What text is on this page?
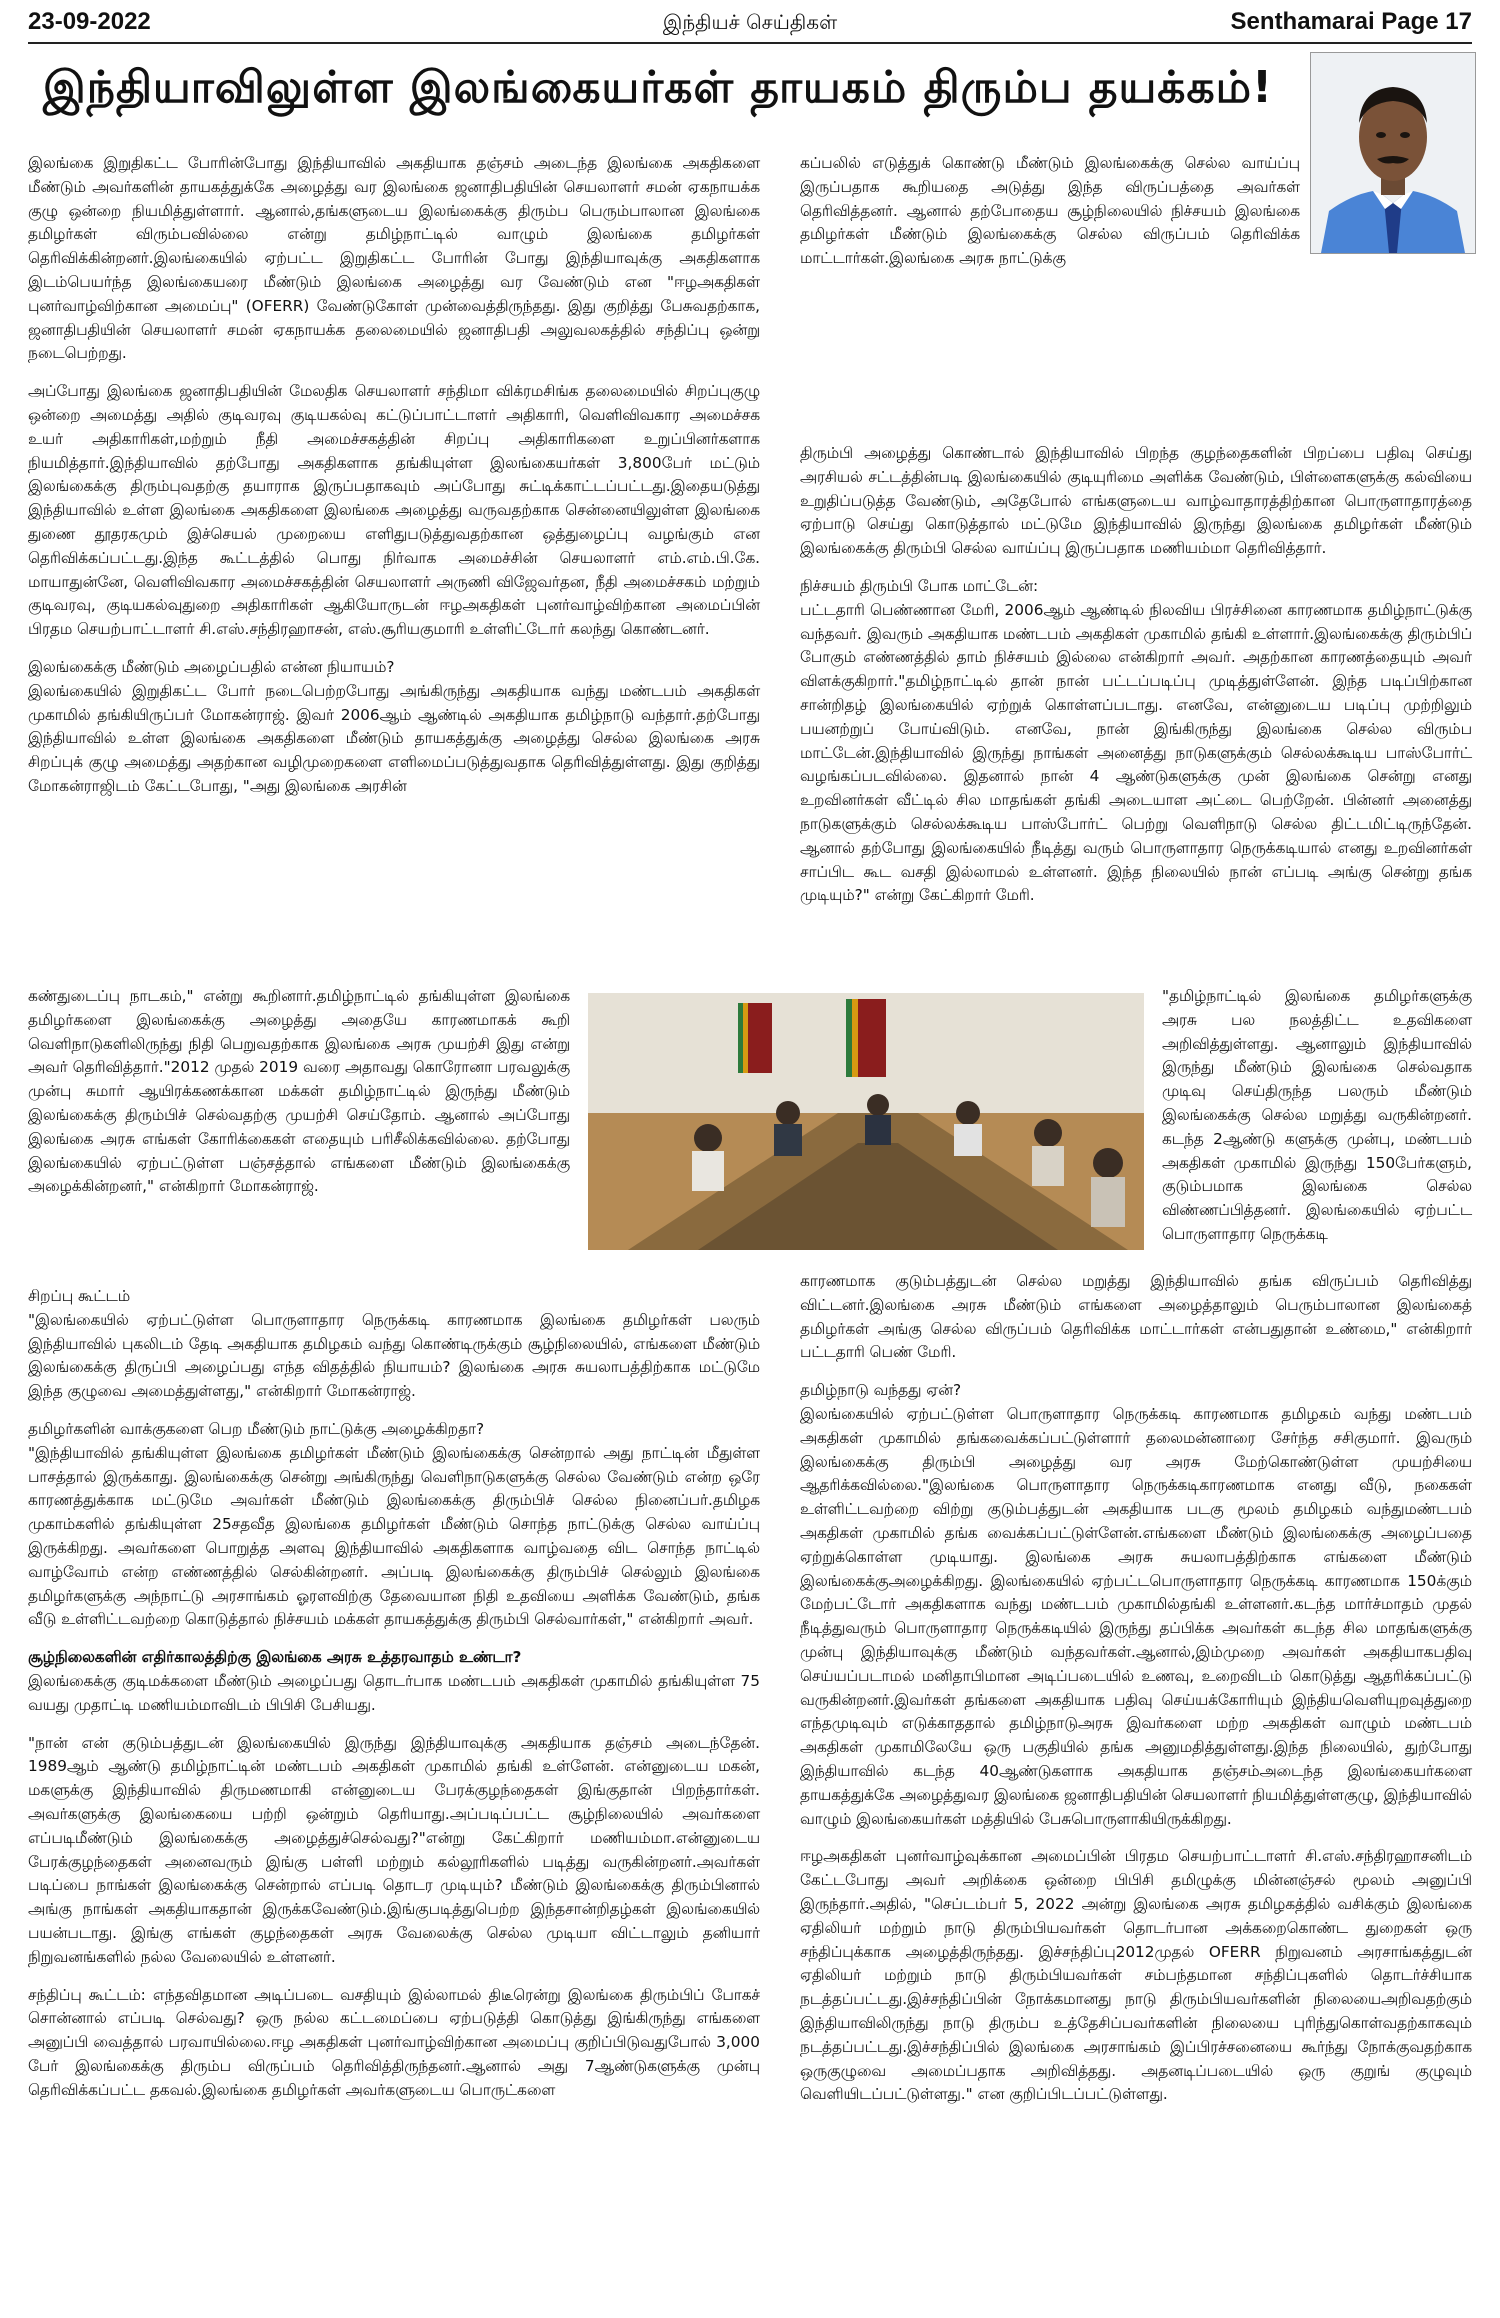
23-09-2022	இந்தியச் செய்திகள்	Senthamarai Page 17
இந்தியாவிலுள்ள இலங்கையர்கள் தாயகம் திரும்ப தயக்கம்!

இலங்கை இறுதிகட்ட போரின்போது இந்தியாவில் அகதியாக தஞ்சம் அடைந்த இலங்கை அகதிகளை மீண்டும் அவர்களின் தாயகத்துக்கே அழைத்து வர இலங்கை ஜனாதிபதியின் செயலாளர் சமன் ஏகநாயக்க குழு ஒன்றை நியமித்துள்ளார். ஆனால்,தங்களுடைய இலங்கைக்கு திரும்ப பெரும்பாலான இலங்கை தமிழர்கள் விரும்பவில்லை என்று தமிழ்நாட்டில் வாழும் இலங்கை தமிழர்கள் தெரிவிக்கின்றனர்.இலங்கையில் ஏற்பட்ட இறுதிகட்ட போரின் போது இந்தியாவுக்கு அகதிகளாக இடம்பெயர்ந்த இலங்கையரை மீண்டும் இலங்கை அழைத்து வர வேண்டும் என "ஈழஅகதிகள் புனர்வாழ்விற்கான அமைப்பு" (OFERR) வேண்டுகோள் முன்வைத்திருந்தது. இது குறித்து பேசுவதற்காக, ஜனாதிபதியின் செயலாளர் சமன் ஏகநாயக்க தலைமையில் ஜனாதிபதி அலுவலகத்தில் சந்திப்பு ஒன்று நடைபெற்றது.

அப்போது இலங்கை ஜனாதிபதியின் மேலதிக செயலாளர் சந்திமா விக்ரமசிங்க தலைமையில் சிறப்புகுழு ஒன்றை அமைத்து அதில் குடிவரவு குடியகல்வு கட்டுப்பாட்டாளர் அதிகாரி, வெளிவிவகார அமைச்சக உயர் அதிகாரிகள்,மற்றும் நீதி அமைச்சகத்தின் சிறப்பு அதிகாரிகளை உறுப்பினர்களாக நியமித்தார்.இந்தியாவில் தற்போது அகதிகளாக தங்கியுள்ள இலங்கையர்கள் 3,800பேர் மட்டும் இலங்கைக்கு திரும்புவதற்கு தயாராக இருப்பதாகவும் அப்போது சுட்டிக்காட்டப்பட்டது.இதையடுத்து இந்தியாவில் உள்ள இலங்கை அகதிகளை இலங்கை அழைத்து வருவதற்காக சென்னையிலுள்ள இலங்கை துணை தூதரகமும் இச்செயல் முறையை எளிதுபடுத்துவதற்கான ஒத்துழைப்பு வழங்கும் என தெரிவிக்கப்பட்டது.இந்த கூட்டத்தில் பொது நிர்வாக அமைச்சின் செயலாளர் எம்.எம்.பி.கே. மாயாதுன்னே, வெளிவிவகார அமைச்சகத்தின் செயலாளர் அருணி விஜேவர்தன, நீதி அமைச்சகம் மற்றும் குடிவரவு, குடியகல்வுதுறை அதிகாரிகள் ஆகியோருடன் ஈழஅகதிகள் புனர்வாழ்விற்கான அமைப்பின் பிரதம செயற்பாட்டாளர் சி.எஸ்.சந்திரஹாசன், எஸ்.சூரியகுமாரி உள்ளிட்டோர் கலந்து கொண்டனர்.

இலங்கைக்கு மீண்டும் அழைப்பதில் என்ன நியாயம்?

இலங்கையில் இறுதிகட்ட போர் நடைபெற்றபோது அங்கிருந்து அகதியாக வந்து மண்டபம் அகதிகள் முகாமில் தங்கியிருப்பர் மோகன்ராஜ். இவர் 2006ஆம் ஆண்டில் அகதியாக தமிழ்நாடு வந்தார்.தற்போது இந்தியாவில் உள்ள இலங்கை அகதிகளை மீண்டும் தாயகத்துக்கு அழைத்து செல்ல இலங்கை அரசு சிறப்புக் குழு அமைத்து அதற்கான வழிமுறைகளை எளிமைப்படுத்துவதாக தெரிவித்துள்ளது. இது குறித்து மோகன்ராஜிடம் கேட்டபோது, "அது இலங்கை அரசின்

கப்பலில் எடுத்துக் கொண்டு மீண்டும் இலங்கைக்கு செல்ல வாய்ப்பு இருப்பதாக கூறியதை அடுத்து இந்த விருப்பத்தை அவர்கள் தெரிவித்தனர். ஆனால் தற்போதைய சூழ்நிலையில் நிச்சயம் இலங்கை தமிழர்கள் மீண்டும் இலங்கைக்கு செல்ல விருப்பம் தெரிவிக்க மாட்டார்கள்.இலங்கை அரசு நாட்டுக்கு

திரும்பி அழைத்து கொண்டால் இந்தியாவில் பிறந்த குழந்தைகளின் பிறப்பை பதிவு செய்து அரசியல் சட்டத்தின்படி இலங்கையில் குடியுரிமை அளிக்க வேண்டும், பிள்ளைகளுக்கு கல்வியை உறுதிப்படுத்த வேண்டும், அதேபோல் எங்களுடைய வாழ்வாதாரத்திற்கான பொருளாதாரத்தை ஏற்பாடு செய்து கொடுத்தால் மட்டுமே இந்தியாவில் இருந்து இலங்கை தமிழர்கள் மீண்டும் இலங்கைக்கு திரும்பி செல்ல வாய்ப்பு இருப்பதாக மணியம்மா தெரிவித்தார்.

நிச்சயம் திரும்பி போக மாட்டேன்:

பட்டதாரி பெண்ணான மேரி, 2006ஆம் ஆண்டில் நிலவிய பிரச்சினை காரணமாக தமிழ்நாட்டுக்கு வந்தவர். இவரும் அகதியாக மண்டபம் அகதிகள் முகாமில் தங்கி உள்ளார்.இலங்கைக்கு திரும்பிப் போகும் எண்ணத்தில் தாம் நிச்சயம் இல்லை என்கிறார் அவர். அதற்கான காரணத்தையும் அவர் விளக்குகிறார்."தமிழ்நாட்டில் தான் நான் பட்டப்படிப்பு முடித்துள்ளேன். இந்த படிப்பிற்கான சான்றிதழ் இலங்கையில் ஏற்றுக் கொள்ளப்படாது. எனவே, என்னுடைய படிப்பு முற்றிலும் பயனற்றுப் போய்விடும். எனவே, நான் இங்கிருந்து இலங்கை செல்ல விரும்ப மாட்டேன்.இந்தியாவில் இருந்து நாங்கள் அனைத்து நாடுகளுக்கும் செல்லக்கூடிய பாஸ்போர்ட் வழங்கப்படவில்லை. இதனால் நான் 4 ஆண்டுகளுக்கு முன் இலங்கை சென்று எனது உறவினர்கள் வீட்டில் சில மாதங்கள் தங்கி அடையாள அட்டை பெற்றேன். பின்னர் அனைத்து நாடுகளுக்கும் செல்லக்கூடிய பாஸ்போர்ட் பெற்று வெளிநாடு செல்ல திட்டமிட்டிருந்தேன். ஆனால் தற்போது இலங்கையில் நீடித்து வரும் பொருளாதார நெருக்கடியால் எனது உறவினர்கள் சாப்பிட கூட வசதி இல்லாமல் உள்ளனர். இந்த நிலையில் நான் எப்படி அங்கு சென்று தங்க முடியும்?" என்று கேட்கிறார் மேரி.

கண்துடைப்பு நாடகம்," என்று கூறினார்.தமிழ்நாட்டில் தங்கியுள்ள இலங்கை தமிழர்களை இலங்கைக்கு அழைத்து அதையே காரணமாகக் கூறி வெளிநாடுகளிலிருந்து நிதி பெறுவதற்காக இலங்கை அரசு முயற்சி இது என்று அவர் தெரிவித்தார்."2012 முதல் 2019 வரை அதாவது கொரோனா பரவலுக்கு முன்பு சுமார் ஆயிரக்கணக்கான மக்கள் தமிழ்நாட்டில் இருந்து மீண்டும் இலங்கைக்கு திரும்பிச் செல்வதற்கு முயற்சி செய்தோம். ஆனால் அப்போது இலங்கை அரசு எங்கள் கோரிக்கைகள் எதையும் பரிசீலிக்கவில்லை. தற்போது இலங்கையில் ஏற்பட்டுள்ள பஞ்சத்தால் எங்களை மீண்டும் இலங்கைக்கு அழைக்கின்றனர்," என்கிறார் மோகன்ராஜ்.
"தமிழ்நாட்டில் இலங்கை தமிழர்களுக்கு அரசு பல நலத்திட்ட உதவிகளை அறிவித்துள்ளது. ஆனாலும் இந்தியாவில் இருந்து மீண்டும் இலங்கை செல்வதாக முடிவு செய்திருந்த பலரும் மீண்டும் இலங்கைக்கு செல்ல மறுத்து வருகின்றனர். கடந்த 2ஆண்டு களுக்கு முன்பு, மண்டபம் அகதிகள் முகாமில் இருந்து 150பேர்களும், குடும்பமாக இலங்கை செல்ல விண்ணப்பித்தனர். இலங்கையில் ஏற்பட்ட பொருளாதார நெருக்கடி

சிறப்பு கூட்டம்

"இலங்கையில் ஏற்பட்டுள்ள பொருளாதார நெருக்கடி காரணமாக இலங்கை தமிழர்கள் பலரும் இந்தியாவில் புகலிடம் தேடி அகதியாக தமிழகம் வந்து கொண்டிருக்கும் சூழ்நிலையில், எங்களை மீண்டும் இலங்கைக்கு திருப்பி அழைப்பது எந்த விதத்தில் நியாயம்? இலங்கை அரசு சுயலாபத்திற்காக மட்டுமே இந்த குழுவை அமைத்துள்ளது," என்கிறார் மோகன்ராஜ்.

தமிழர்களின் வாக்குகளை பெற மீண்டும் நாட்டுக்கு அழைக்கிறதா?

"இந்தியாவில் தங்கியுள்ள இலங்கை தமிழர்கள் மீண்டும் இலங்கைக்கு சென்றால் அது நாட்டின் மீதுள்ள பாசத்தால் இருக்காது. இலங்கைக்கு சென்று அங்கிருந்து வெளிநாடுகளுக்கு செல்ல வேண்டும் என்ற ஒரே காரணத்துக்காக மட்டுமே அவர்கள் மீண்டும் இலங்கைக்கு திரும்பிச் செல்ல நினைப்பர்.தமிழக முகாம்களில் தங்கியுள்ள 25சதவீத இலங்கை தமிழர்கள் மீண்டும் சொந்த நாட்டுக்கு செல்ல வாய்ப்பு இருக்கிறது. அவர்களை பொறுத்த அளவு இந்தியாவில் அகதிகளாக வாழ்வதை விட சொந்த நாட்டில் வாழ்வோம் என்ற எண்ணத்தில் செல்கின்றனர். அப்படி இலங்கைக்கு திரும்பிச் செல்லும் இலங்கை தமிழர்களுக்கு அந்நாட்டு அரசாங்கம் ஓரளவிற்கு தேவையான நிதி உதவியை அளிக்க வேண்டும், தங்க வீடு உள்ளிட்டவற்றை கொடுத்தால் நிச்சயம் மக்கள் தாயகத்துக்கு திரும்பி செல்வார்கள்," என்கிறார் அவர்.

சூழ்நிலைகளின் எதிர்காலத்திற்கு இலங்கை அரசு உத்தரவாதம் உண்டா?

இலங்கைக்கு குடிமக்களை மீண்டும் அழைப்பது தொடர்பாக மண்டபம் அகதிகள் முகாமில் தங்கியுள்ள 75 வயது முதாட்டி மணியம்மாவிடம் பிபிசி பேசியது.

"நான் என் குடும்பத்துடன் இலங்கையில் இருந்து இந்தியாவுக்கு அகதியாக தஞ்சம் அடைந்தேன். 1989ஆம் ஆண்டு தமிழ்நாட்டின் மண்டபம் அகதிகள் முகாமில் தங்கி உள்ளேன். என்னுடைய மகன், மகளுக்கு இந்தியாவில் திருமணமாகி என்னுடைய பேரக்குழந்தைகள் இங்குதான் பிறந்தார்கள். அவர்களுக்கு இலங்கையை பற்றி ஒன்றும் தெரியாது.அப்படிப்பட்ட சூழ்நிலையில் அவர்களை எப்படிமீண்டும் இலங்கைக்கு அழைத்துச்செல்வது?"என்று கேட்கிறார் மணியம்மா.என்னுடைய பேரக்குழந்தைகள் அனைவரும் இங்கு பள்ளி மற்றும் கல்லூரிகளில் படித்து வருகின்றனர்.அவர்கள் படிப்பை நாங்கள் இலங்கைக்கு சென்றால் எப்படி தொடர முடியும்? மீண்டும் இலங்கைக்கு திரும்பினால் அங்கு நாங்கள் அகதியாகதான் இருக்கவேண்டும்.இங்குபடித்துபெற்ற இந்தசான்றிதழ்கள் இலங்கையில் பயன்படாது. இங்கு எங்கள் குழந்தைகள் அரசு வேலைக்கு செல்ல முடியா விட்டாலும் தனியார் நிறுவனங்களில் நல்ல வேலையில் உள்ளனர்.

சந்திப்பு கூட்டம்: எந்தவிதமான அடிப்படை வசதியும் இல்லாமல் திடீரென்று இலங்கை திரும்பிப் போகச் சொன்னால் எப்படி செல்வது? ஒரு நல்ல கட்டமைப்பை ஏற்படுத்தி கொடுத்து இங்கிருந்து எங்களை அனுப்பி வைத்தால் பரவாயில்லை.ஈழ அகதிகள் புனர்வாழ்விற்கான அமைப்பு குறிப்பிடுவதுபோல் 3,000 பேர் இலங்கைக்கு திரும்ப விருப்பம் தெரிவித்திருந்தனர்.ஆனால் அது 7ஆண்டுகளுக்கு முன்பு தெரிவிக்கப்பட்ட தகவல்.இலங்கை தமிழர்கள் அவர்களுடைய பொருட்களை

காரணமாக குடும்பத்துடன் செல்ல மறுத்து இந்தியாவில் தங்க விருப்பம் தெரிவித்து விட்டனர்.இலங்கை அரசு மீண்டும் எங்களை அழைத்தாலும் பெரும்பாலான இலங்கைத் தமிழர்கள் அங்கு செல்ல விருப்பம் தெரிவிக்க மாட்டார்கள் என்பதுதான் உண்மை," என்கிறார் பட்டதாரி பெண் மேரி.

தமிழ்நாடு வந்தது ஏன்?

இலங்கையில் ஏற்பட்டுள்ள பொருளாதார நெருக்கடி காரணமாக தமிழகம் வந்து மண்டபம் அகதிகள் முகாமில் தங்கவைக்கப்பட்டுள்ளார் தலைமன்னாரை சேர்ந்த சசிகுமார். இவரும் இலங்கைக்கு திரும்பி அழைத்து வர அரசு மேற்கொண்டுள்ள முயற்சியை ஆதரிக்கவில்லை."இலங்கை பொருளாதார நெருக்கடிகாரணமாக எனது வீடு, நகைகள் உள்ளிட்டவற்றை விற்று குடும்பத்துடன் அகதியாக படகு மூலம் தமிழகம் வந்துமண்டபம் அகதிகள் முகாமில் தங்க வைக்கப்பட்டுள்ளேன்.எங்களை மீண்டும் இலங்கைக்கு அழைப்பதை ஏற்றுக்கொள்ள முடியாது. இலங்கை அரசு சுயலாபத்திற்காக எங்களை மீண்டும் இலங்கைக்குஅழைக்கிறது. இலங்கையில் ஏற்பட்டபொருளாதார நெருக்கடி காரணமாக 150க்கும் மேற்பட்டோர் அகதிகளாக வந்து மண்டபம் முகாமில்தங்கி உள்ளனர்.கடந்த மார்ச்மாதம் முதல் நீடித்துவரும் பொருளாதார நெருக்கடியில் இருந்து தப்பிக்க அவர்கள் கடந்த சில மாதங்களுக்கு முன்பு இந்தியாவுக்கு மீண்டும் வந்தவர்கள்.ஆனால்,இம்முறை அவர்கள் அகதியாகபதிவு செய்யப்படாமல் மனிதாபிமான அடிப்படையில் உணவு, உறைவிடம் கொடுத்து ஆதரிக்கப்பட்டு வருகின்றனர்.இவர்கள் தங்களை அகதியாக பதிவு செய்யக்கோரியும் இந்தியவெளியுறவுத்துறை எந்தமுடிவும் எடுக்காததால் தமிழ்நாடுஅரசு இவர்களை மற்ற அகதிகள் வாழும் மண்டபம் அகதிகள் முகாமிலேயே ஒரு பகுதியில் தங்க அனுமதித்துள்ளது.இந்த நிலையில், துற்போது இந்தியாவில் கடந்த 40ஆண்டுகளாக அகதியாக தஞ்சம்அடைந்த இலங்கையர்களை தாயகத்துக்கே அழைத்துவர இலங்கை ஜனாதிபதியின் செயலாளர் நியமித்துள்ளகுழு, இந்தியாவில் வாழும் இலங்கையர்கள் மத்தியில் பேசுபொருளாகியிருக்கிறது.

ஈழஅகதிகள் புனர்வாழ்வுக்கான அமைப்பின் பிரதம செயற்பாட்டாளர் சி.எஸ்.சந்திரஹாசனிடம் கேட்டபோது அவர் அறிக்கை ஒன்றை பிபிசி தமிழுக்கு மின்னஞ்சல் மூலம் அனுப்பி இருந்தார்.அதில், "செப்டம்பர் 5, 2022 அன்று இலங்கை அரசு தமிழகத்தில் வசிக்கும் இலங்கை ஏதிலியர் மற்றும் நாடு திரும்பியவர்கள் தொடர்பான அக்கறைகொண்ட துறைகள் ஒரு சந்திப்புக்காக அழைத்திருந்தது. இச்சந்திப்பு2012முதல் OFERR நிறுவனம் அரசாங்கத்துடன் ஏதிலியர் மற்றும் நாடு திரும்பியவர்கள் சம்பந்தமான சந்திப்புகளில் தொடர்ச்சியாக நடத்தப்பட்டது.இச்சந்திப்பின் நோக்கமானது நாடு திரும்பியவர்களின் நிலையைஅறிவதற்கும் இந்தியாவிலிருந்து நாடு திரும்ப உத்தேசிப்பவர்களின் நிலையை புரிந்துகொள்வதற்காகவும் நடத்தப்பட்டது.இச்சந்திப்பில் இலங்கை அரசாங்கம் இப்பிரச்சனையை கூர்ந்து நோக்குவதற்காக ஒருகுழுவை அமைப்பதாக அறிவித்தது. அதனடிப்படையில் ஒரு குறுங் குழுவும் வெளியிடப்பட்டுள்ளது." என குறிப்பிடப்பட்டுள்ளது.
